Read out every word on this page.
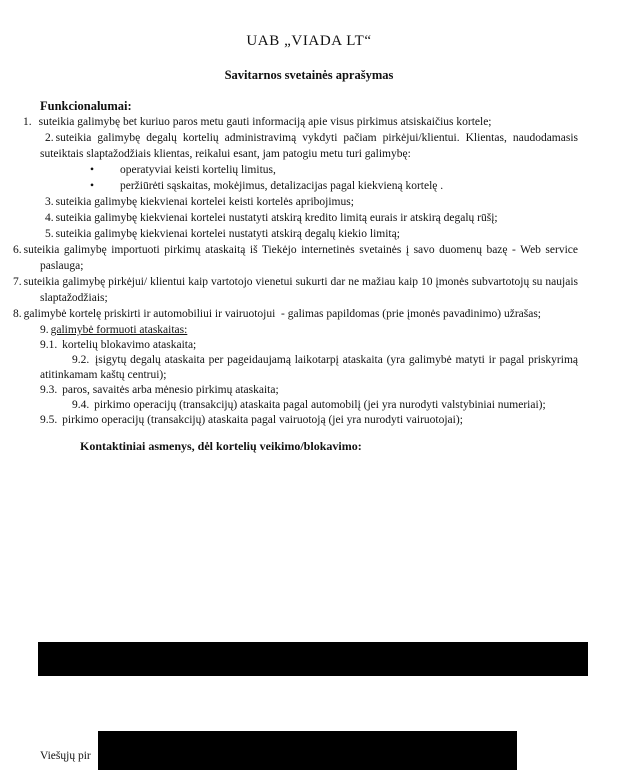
UAB „VIADA LT“
Savitarnos svetainės aprašymas
Funkcionalumai:

1. suteikia galimybę bet kuriuo paros metu gauti informaciją apie visus pirkimus atsiskaičius kortele;

2. suteikia galimybę degalų kortelių administravimą vykdyti pačiam pirkėjui/klientui. Klientas, naudodamasis suteiktais slaptažodžiais klientas, reikalui esant, jam patogiu metu turi galimybę:

•	operatyviai keisti kortelių limitus,
•	peržiūrėti sąskaitas, mokėjimus, detalizacijas pagal kiekvieną kortelę .

3. suteikia galimybę kiekvienai kortelei keisti kortelės apribojimus;

4. suteikia galimybę kiekvienai kortelei nustatyti atskirą kredito limitą eurais ir atskirą degalų rūšį;

5. suteikia galimybę kiekvienai kortelei nustatyti atskirą degalų kiekio limitą;

6. suteikia galimybę importuoti pirkimų ataskaitą iš Tiekėjo internetinės svetainės į savo duomenų bazę - Web service paslauga;

7. suteikia galimybę pirkėjui/ klientui kaip vartotojo vienetui sukurti dar ne mažiau kaip 10 įmonės subvartotojų su naujais slaptažodžiais;

8. galimybė kortelę priskirti ir automobiliui ir vairuotojui  - galimas papildomas (prie įmonės pavadinimo) užrašas;

9. galimybė formuoti ataskaitas:

9.1. kortelių blokavimo ataskaita;

9.2. įsigytų degalų ataskaita per pageidaujamą laikotarpį ataskaita (yra galimybė matyti ir pagal priskyrimą atitinkamam kaštų centrui);

9.3. paros, savaitės arba mėnesio pirkimų ataskaita;

9.4. pirkimo operacijų (transakcijų) ataskaita pagal automobilį (jei yra nurodyti valstybiniai numeriai);

9.5. pirkimo operacijų (transakcijų) ataskaita pagal vairuotoją (jei yra nurodyti vairuotojai);

Kontaktiniai asmenys, dėl kortelių veikimo/blokavimo:

Viešųjų pir
